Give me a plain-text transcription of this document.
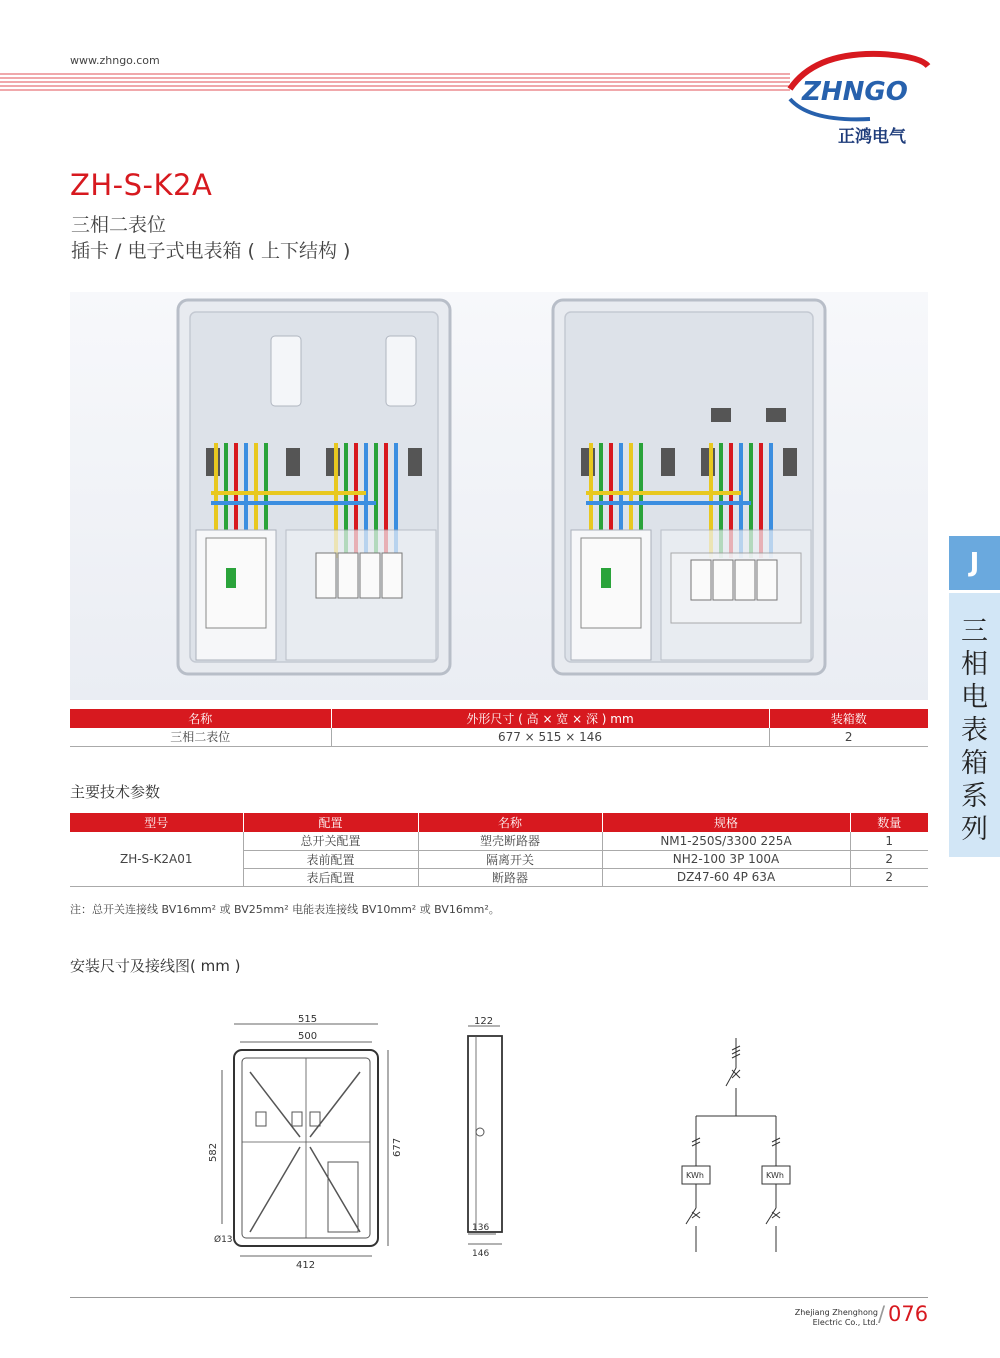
www.zhngo.com
ZHNGO
正鸿电气
ZH-S-K2A
三相二表位
插卡 / 电子式电表箱 ( 上下结构 )
J
三
相
电
表
箱
系
列
名称	外形尺寸 ( 高 × 宽 × 深 ) mm	装箱数
三相二表位	677 × 515 × 146	2
主要技术参数
型号	配置	名称	规格	数量
ZH-S-K2A01	总开关配置	塑壳断路器	NM1-250S/3300 225A	1
	表前配置	隔离开关	NH2-100 3P 100A	2
	表后配置	断路器	DZ47-60 4P 63A	2
注：总开关连接线 BV16mm² 或 BV25mm² 电能表连接线 BV10mm² 或 BV16mm²。
安装尺寸及接线图( mm )
515
500
582	677
412
Ø13
122
136
146
KWh	KWh
Zhejiang Zhenghong
Electric Co., Ltd. / 076
